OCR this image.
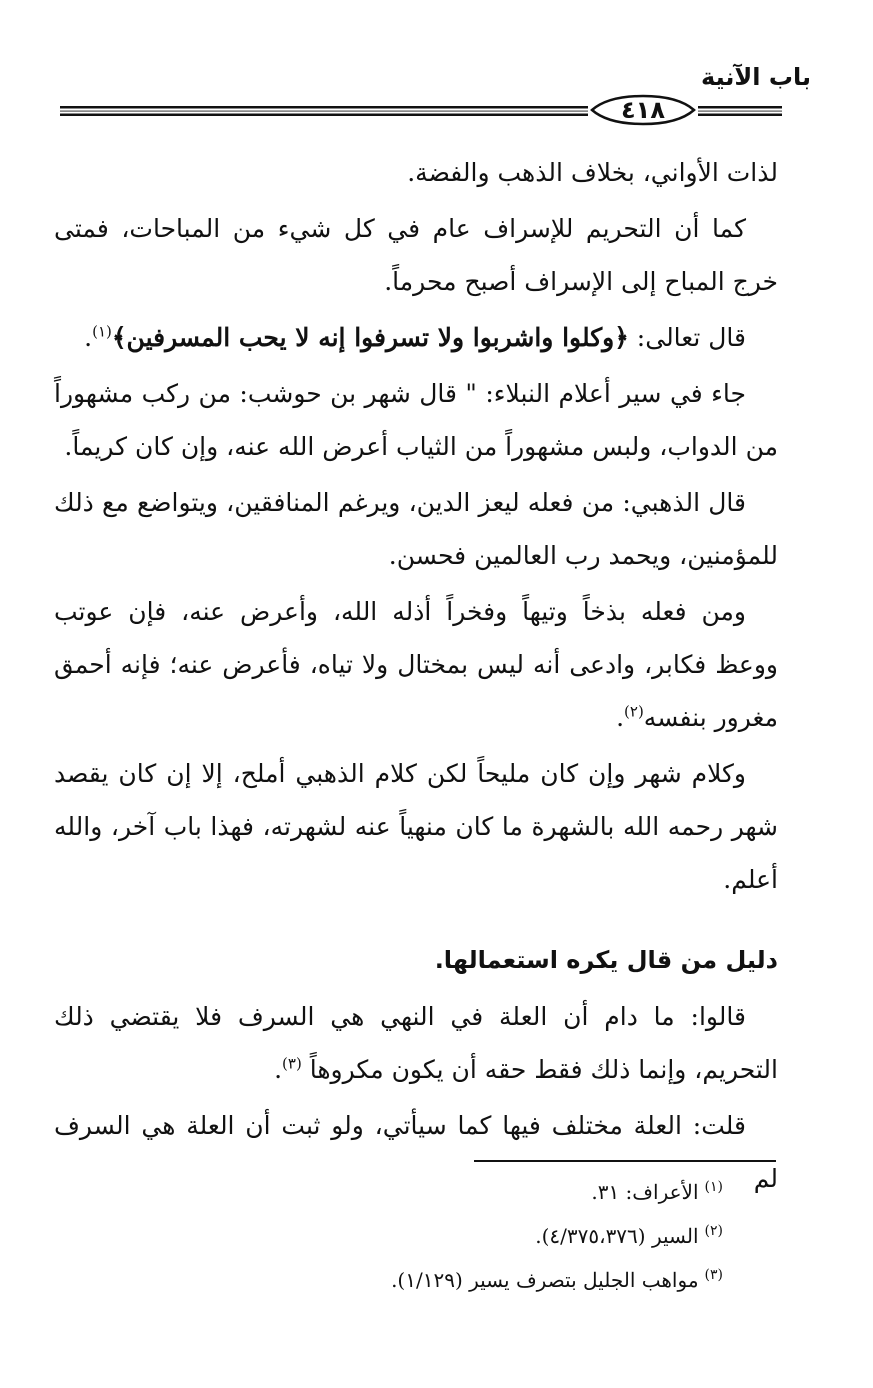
باب الآنية
٤١٨

لذات الأواني، بخلاف الذهب والفضة.

كما أن التحريم للإسراف عام في كل شيء من المباحات، فمتى خرج المباح إلى الإسراف أصبح محرماً.

قال تعالى: ﴿وكلوا واشربوا ولا تسرفوا إنه لا يحب المسرفين﴾$^{(١)}$.

جاء في سير أعلام النبلاء: " قال شهر بن حوشب: من ركب مشهوراً من الدواب، ولبس مشهوراً من الثياب أعرض الله عنه، وإن كان كريماً.

قال الذهبي: من فعله ليعز الدين، ويرغم المنافقين، ويتواضع مع ذلك للمؤمنين، ويحمد رب العالمين فحسن.

ومن فعله بذخاً وتيهاً وفخراً أذله الله، وأعرض عنه، فإن عوتب ووعظ فكابر، وادعى أنه ليس بمختال ولا تياه، فأعرض عنه؛ فإنه أحمق مغرور بنفسه$^{(٢)}$.

وكلام شهر وإن كان مليحاً لكن كلام الذهبي أملح، إلا إن كان يقصد شهر رحمه الله بالشهرة ما كان منهياً عنه لشهرته، فهذا باب آخر، والله أعلم.

دليل من قال يكره استعمالها.

قالوا: ما دام أن العلة في النهي هي السرف فلا يقتضي ذلك التحريم، وإنما ذلك فقط حقه أن يكون مكروهاً $^{(٣)}$.

قلت: العلة مختلف فيها كما سيأتي، ولو ثبت أن العلة هي السرف لم

$^{(١)}$الأعراف: ٣١.

$^{(٢)}$السير (٤/٣٧٥،٣٧٦).

$^{(٣)}$مواهب الجليل بتصرف يسير (١/١٢٩).
